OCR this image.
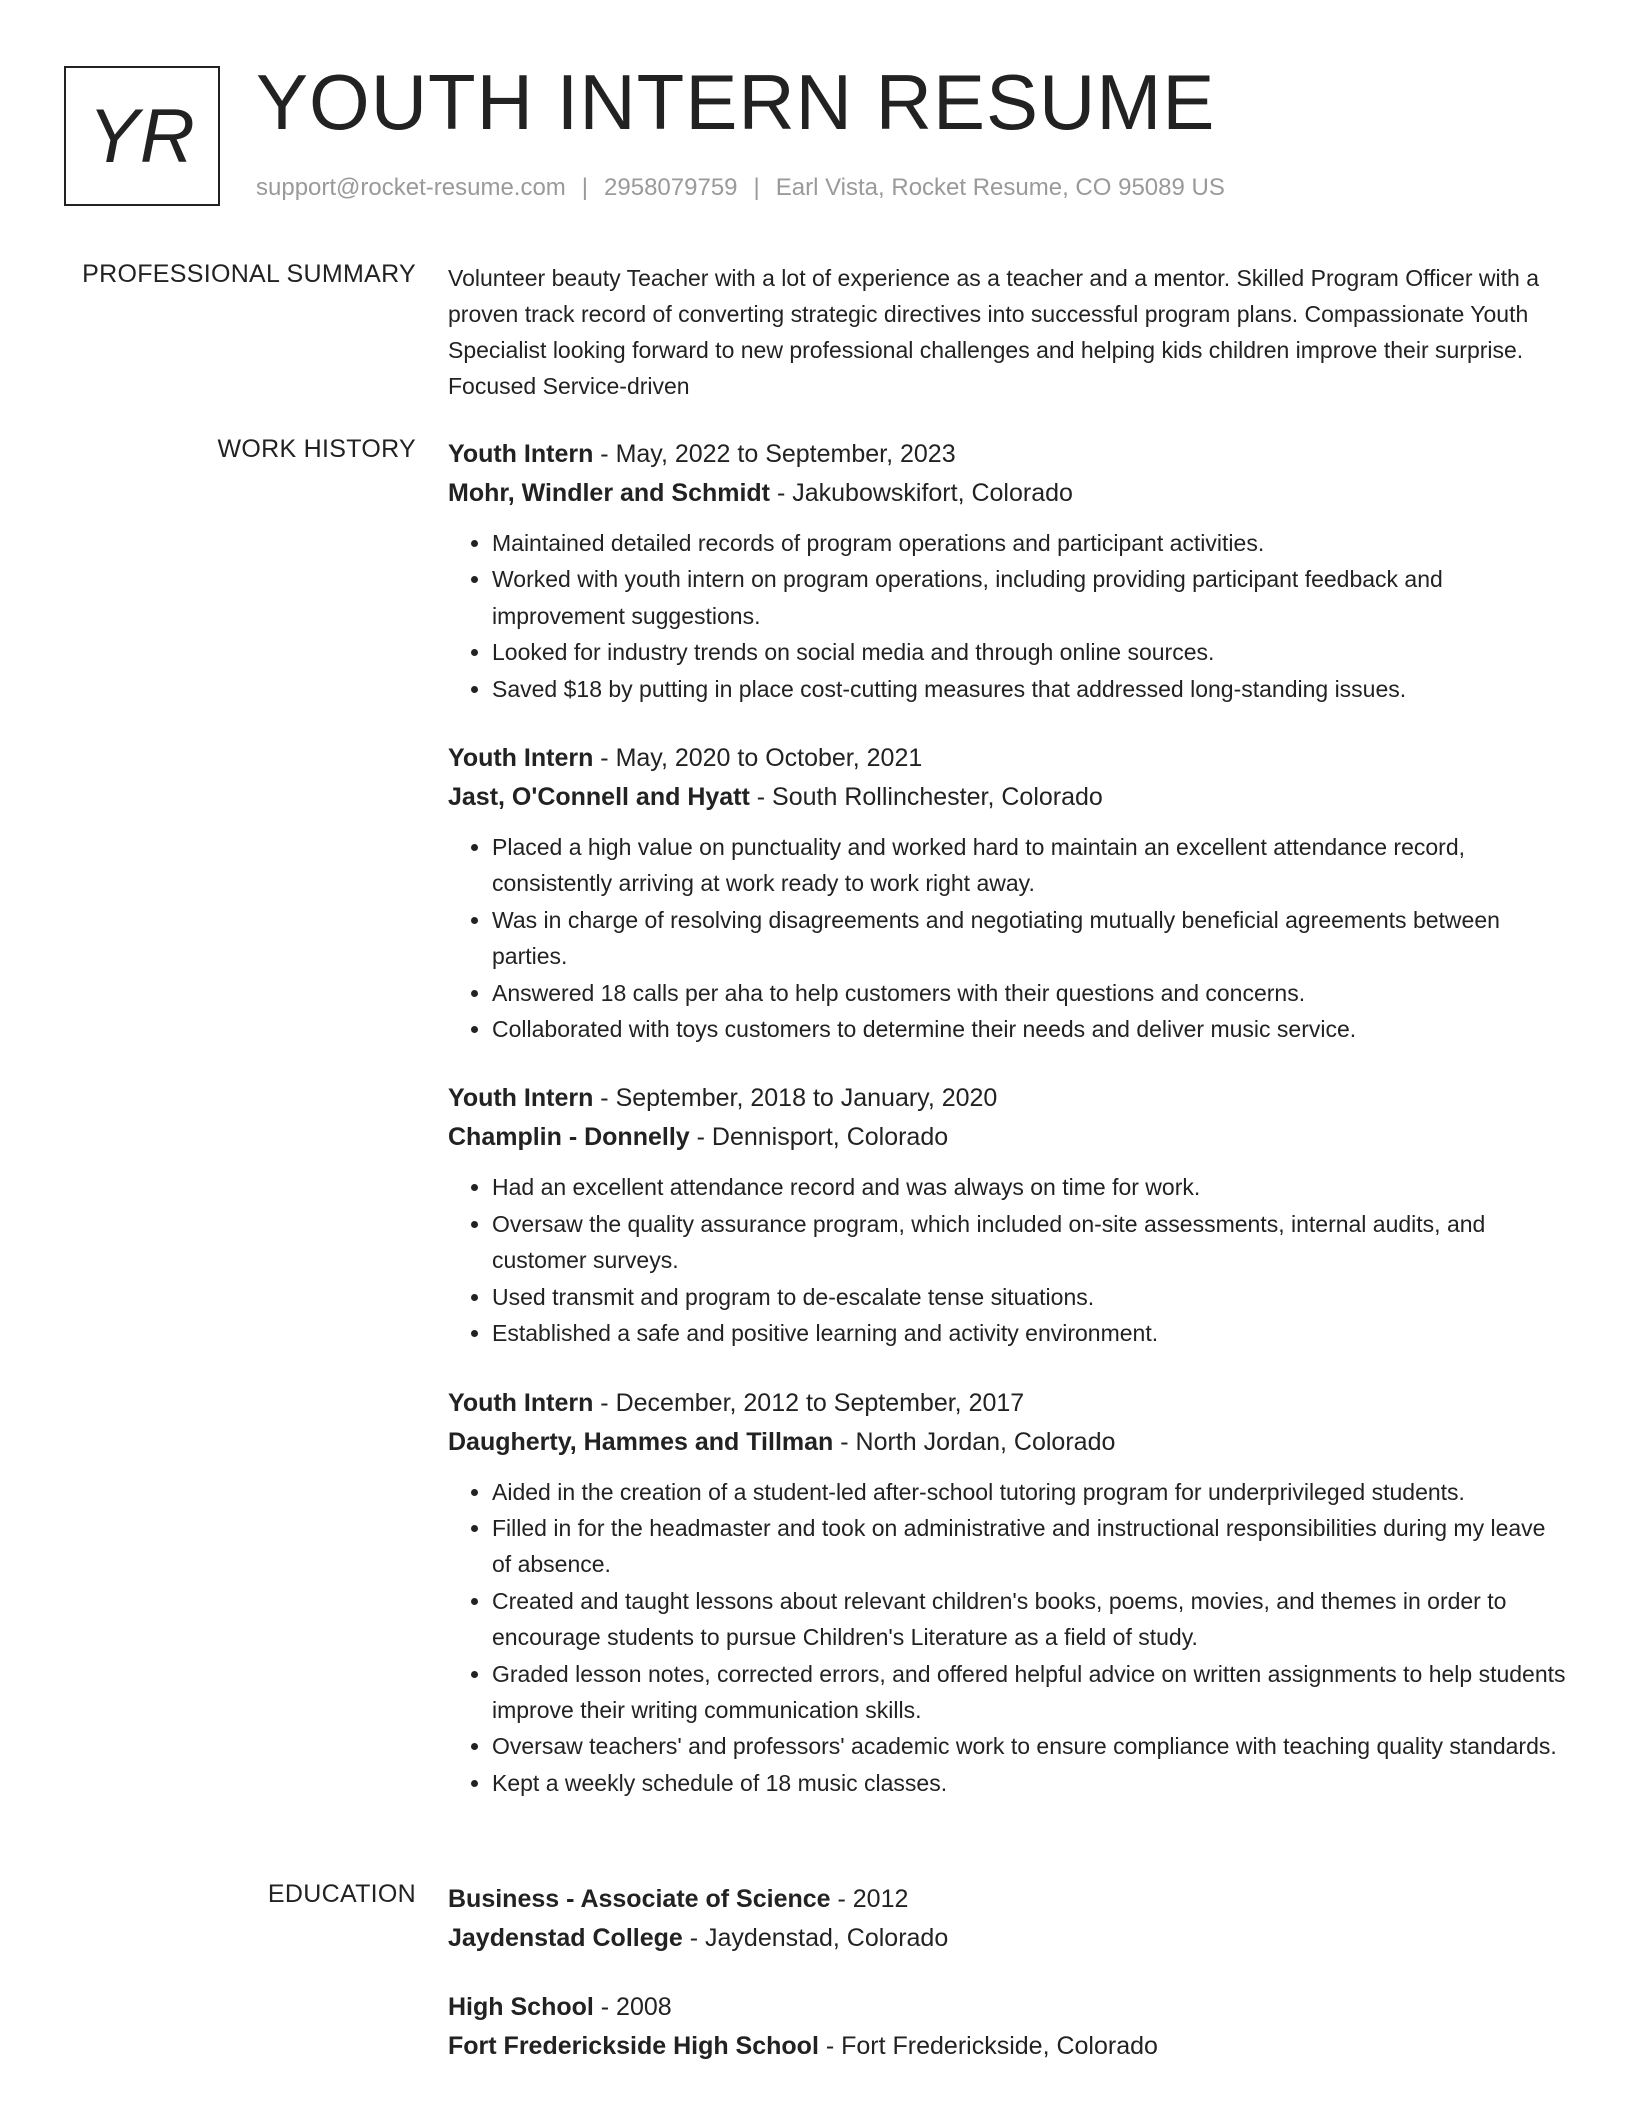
YR YOUTH INTERN RESUME
support@rocket-resume.com | 2958079759 | Earl Vista, Rocket Resume, CO 95089 US
PROFESSIONAL SUMMARY Volunteer beauty Teacher with a lot of experience as a teacher and a mentor. Skilled Program Officer with a proven track record of converting strategic directives into successful program plans. Compassionate Youth Specialist looking forward to new professional challenges and helping kids children improve their surprise. Focused Service-driven

WORK HISTORY Youth Intern - May, 2022 to September, 2023
Mohr, Windler and Schmidt - Jakubowskifort, Colorado
• Maintained detailed records of program operations and participant activities.
• Worked with youth intern on program operations, including providing participant feedback and improvement suggestions.
• Looked for industry trends on social media and through online sources.
• Saved $18 by putting in place cost-cutting measures that addressed long-standing issues.
Youth Intern - May, 2020 to October, 2021
Jast, O'Connell and Hyatt - South Rollinchester, Colorado
• Placed a high value on punctuality and worked hard to maintain an excellent attendance record, consistently arriving at work ready to work right away.
• Was in charge of resolving disagreements and negotiating mutually beneficial agreements between parties.
• Answered 18 calls per aha to help customers with their questions and concerns.
• Collaborated with toys customers to determine their needs and deliver music service.
Youth Intern - September, 2018 to January, 2020
Champlin - Donnelly - Dennisport, Colorado
• Had an excellent attendance record and was always on time for work.
• Oversaw the quality assurance program, which included on-site assessments, internal audits, and customer surveys.
• Used transmit and program to de-escalate tense situations.
• Established a safe and positive learning and activity environment.
Youth Intern - December, 2012 to September, 2017
Daugherty, Hammes and Tillman - North Jordan, Colorado
• Aided in the creation of a student-led after-school tutoring program for underprivileged students.
• Filled in for the headmaster and took on administrative and instructional responsibilities during my leave of absence.
• Created and taught lessons about relevant children's books, poems, movies, and themes in order to encourage students to pursue Children's Literature as a field of study.
• Graded lesson notes, corrected errors, and offered helpful advice on written assignments to help students improve their writing communication skills.
• Oversaw teachers' and professors' academic work to ensure compliance with teaching quality standards.
• Kept a weekly schedule of 18 music classes.
EDUCATION Business - Associate of Science - 2012
Jaydenstad College - Jaydenstad, Colorado
High School - 2008
Fort Frederickside High School - Fort Frederickside, Colorado
